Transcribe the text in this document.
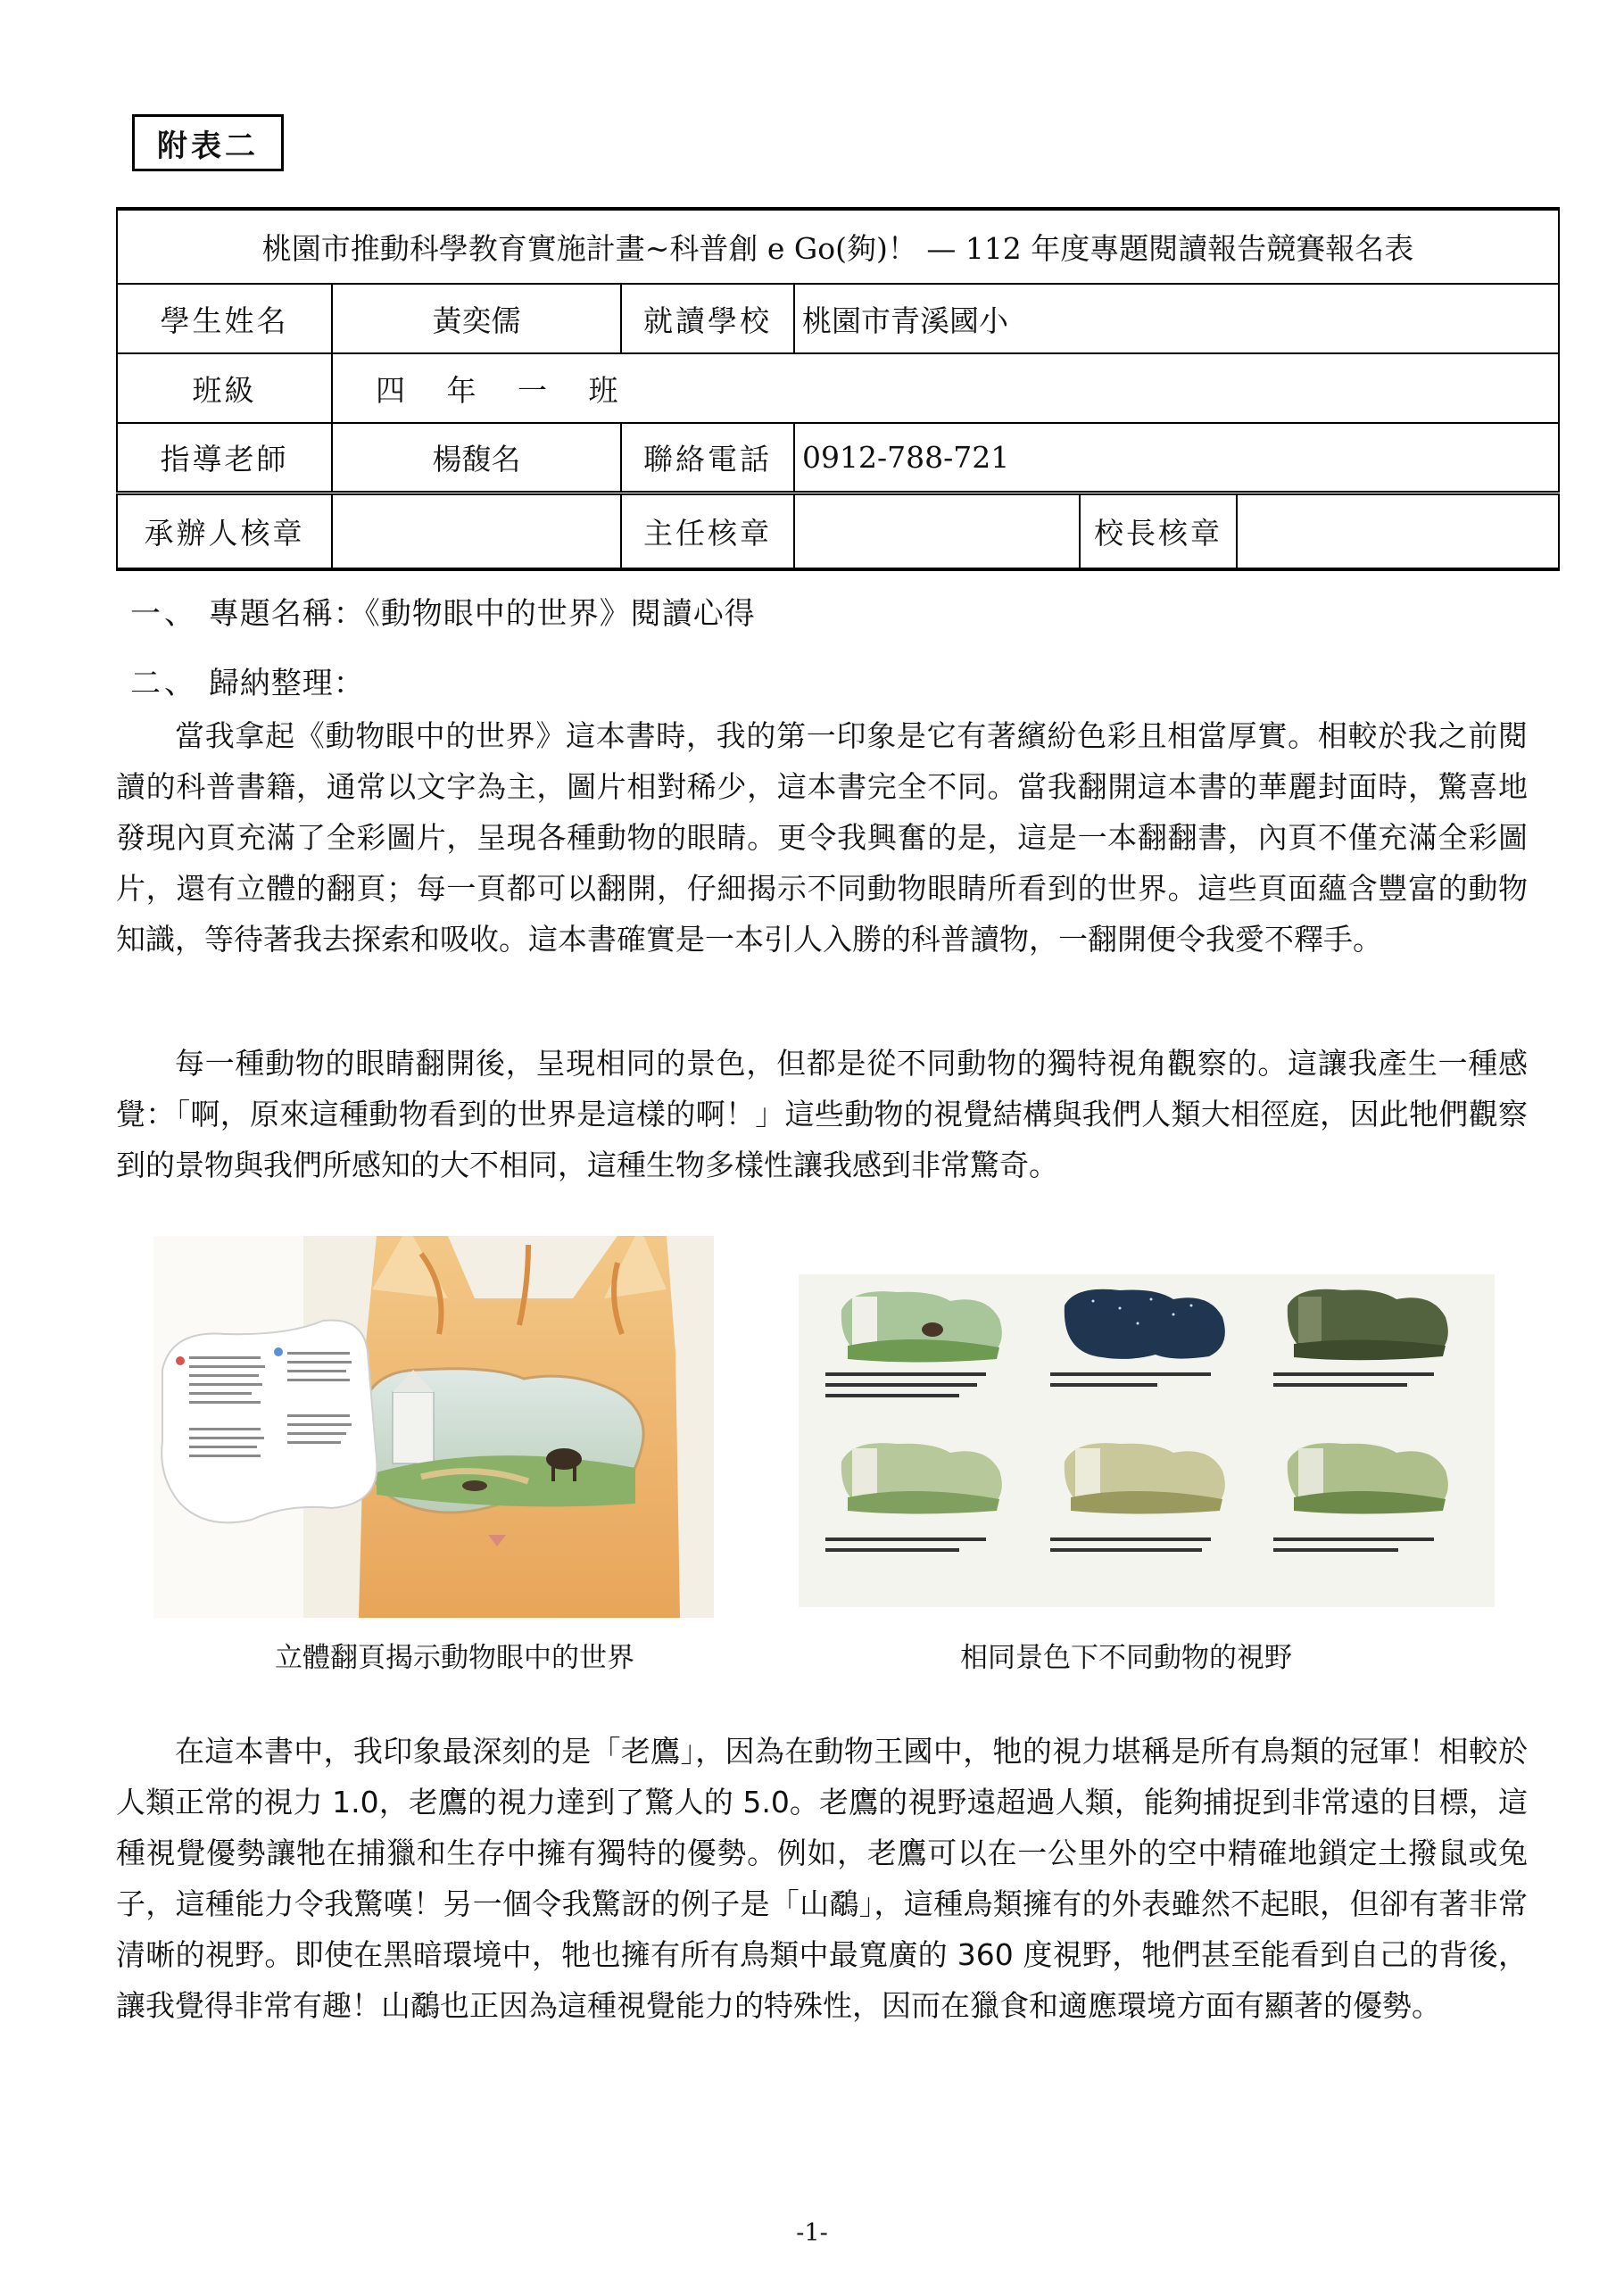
附表二
桃園市推動科學教育實施計畫~科普創 e Go(夠)！ — 112 年度專題閱讀報告競賽報名表					
學生姓名	黃奕儒	就讀學校	桃園市青溪國小		
班級	四 年 一 班				
指導老師	楊馥名	聯絡電話	0912-788-721		
承辦人核章		主任核章		校長核章	
一、 專題名稱：《動物眼中的世界》閱讀心得
二、 歸納整理：

當我拿起《動物眼中的世界》這本書時，我的第一印象是它有著繽紛色彩且相當厚實。相較於我之前閱讀的科普書籍，通常以文字為主，圖片相對稀少，這本書完全不同。當我翻開這本書的華麗封面時，驚喜地發現內頁充滿了全彩圖片，呈現各種動物的眼睛。更令我興奮的是，這是一本翻翻書，內頁不僅充滿全彩圖片，還有立體的翻頁；每一頁都可以翻開，仔細揭示不同動物眼睛所看到的世界。這些頁面蘊含豐富的動物知識，等待著我去探索和吸收。這本書確實是一本引人入勝的科普讀物，一翻開便令我愛不釋手。

每一種動物的眼睛翻開後，呈現相同的景色，但都是從不同動物的獨特視角觀察的。這讓我產生一種感覺：「啊，原來這種動物看到的世界是這樣的啊！」這些動物的視覺結構與我們人類大相徑庭，因此牠們觀察到的景物與我們所感知的大不相同，這種生物多樣性讓我感到非常驚奇。

立體翻頁揭示動物眼中的世界	相同景色下不同動物的視野

在這本書中，我印象最深刻的是「老鷹」，因為在動物王國中，牠的視力堪稱是所有鳥類的冠軍！相較於人類正常的視力 1.0，老鷹的視力達到了驚人的 5.0。老鷹的視野遠超過人類，能夠捕捉到非常遠的目標，這種視覺優勢讓牠在捕獵和生存中擁有獨特的優勢。例如，老鷹可以在一公里外的空中精確地鎖定土撥鼠或兔子，這種能力令我驚嘆！另一個令我驚訝的例子是「山鷸」，這種鳥類擁有的外表雖然不起眼，但卻有著非常清晰的視野。即使在黑暗環境中，牠也擁有所有鳥類中最寬廣的 360 度視野，牠們甚至能看到自己的背後，讓我覺得非常有趣！山鷸也正因為這種視覺能力的特殊性，因而在獵食和適應環境方面有顯著的優勢。

-1-
